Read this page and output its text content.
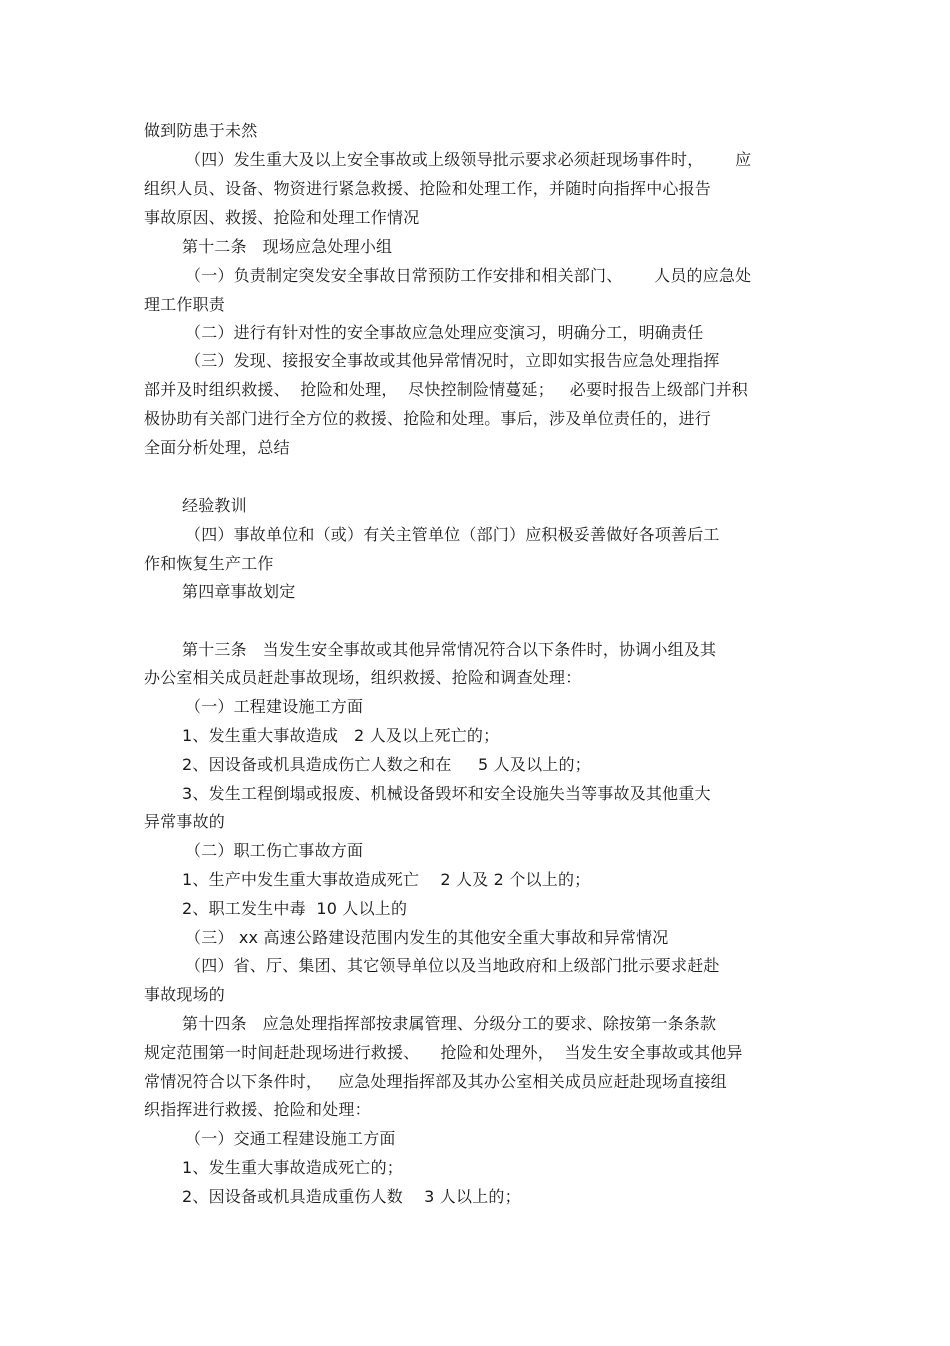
做到防患于未然
（四）发生重大及以上安全事故或上级领导批示要求必须赶现场事件时，      应
组织人员、设备、物资进行紧急救援、抢险和处理工作，并随时向指挥中心报告
事故原因、救援、抢险和处理工作情况
第十二条   现场应急处理小组
（一）负责制定突发安全事故日常预防工作安排和相关部门、      人员的应急处
理工作职责
（二）进行有针对性的安全事故应急处理应变演习，明确分工，明确责任
（三）发现、接报安全事故或其他异常情况时，立即如实报告应急处理指挥
部并及时组织救援、  抢险和处理，  尽快控制险情蔓延；   必要时报告上级部门并积
极协助有关部门进行全方位的救援、抢险和处理。事后，涉及单位责任的，进行
全面分析处理，总结
经验教训
（四）事故单位和（或）有关主管单位（部门）应积极妥善做好各项善后工
作和恢复生产工作
第四章事故划定
第十三条   当发生安全事故或其他异常情况符合以下条件时，协调小组及其
办公室相关成员赶赴事故现场，组织救援、抢险和调查处理：
（一）工程建设施工方面
1、发生重大事故造成   2 人及以上死亡的；
2、因设备或机具造成伤亡人数之和在     5 人及以上的；
3、发生工程倒塌或报废、机械设备毁坏和安全设施失当等事故及其他重大
异常事故的
（二）职工伤亡事故方面
1、生产中发生重大事故造成死亡    2 人及 2 个以上的；
2、职工发生中毒  10 人以上的
（三） xx 高速公路建设范围内发生的其他安全重大事故和异常情况
（四）省、厅、集团、其它领导单位以及当地政府和上级部门批示要求赶赴
事故现场的
第十四条   应急处理指挥部按隶属管理、分级分工的要求、除按第一条条款
规定范围第一时间赶赴现场进行救援、    抢险和处理外，  当发生安全事故或其他异
常情况符合以下条件时，   应急处理指挥部及其办公室相关成员应赶赴现场直接组
织指挥进行救援、抢险和处理：
（一）交通工程建设施工方面
1、发生重大事故造成死亡的；
2、因设备或机具造成重伤人数    3 人以上的；
